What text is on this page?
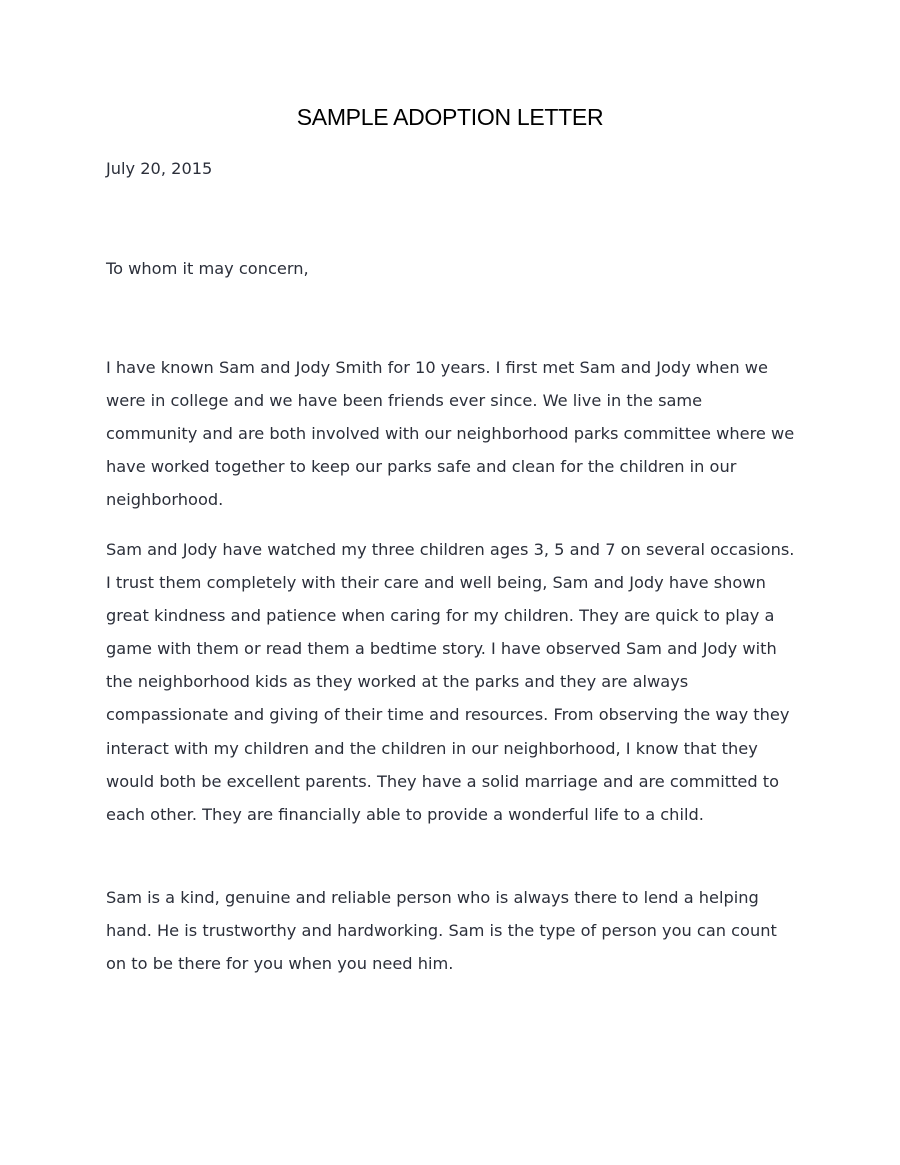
SAMPLE ADOPTION LETTER

July 20, 2015

To whom it may concern,

I have known Sam and Jody Smith for 10 years. I first met Sam and Jody when we were in college and we have been friends ever since. We live in the same community and are both involved with our neighborhood parks committee where we have worked together to keep our parks safe and clean for the children in our neighborhood.

Sam and Jody have watched my three children ages 3, 5 and 7 on several occasions. I trust them completely with their care and well being, Sam and Jody have shown great kindness and patience when caring for my children. They are quick to play a game with them or read them a bedtime story. I have observed Sam and Jody with the neighborhood kids as they worked at the parks and they are always compassionate and giving of their time and resources. From observing the way they interact with my children and the children in our neighborhood, I know that they would both be excellent parents. They have a solid marriage and are committed to each other. They are financially able to provide a wonderful life to a child.

Sam is a kind, genuine and reliable person who is always there to lend a helping hand. He is trustworthy and hardworking. Sam is the type of person you can count on to be there for you when you need him.
